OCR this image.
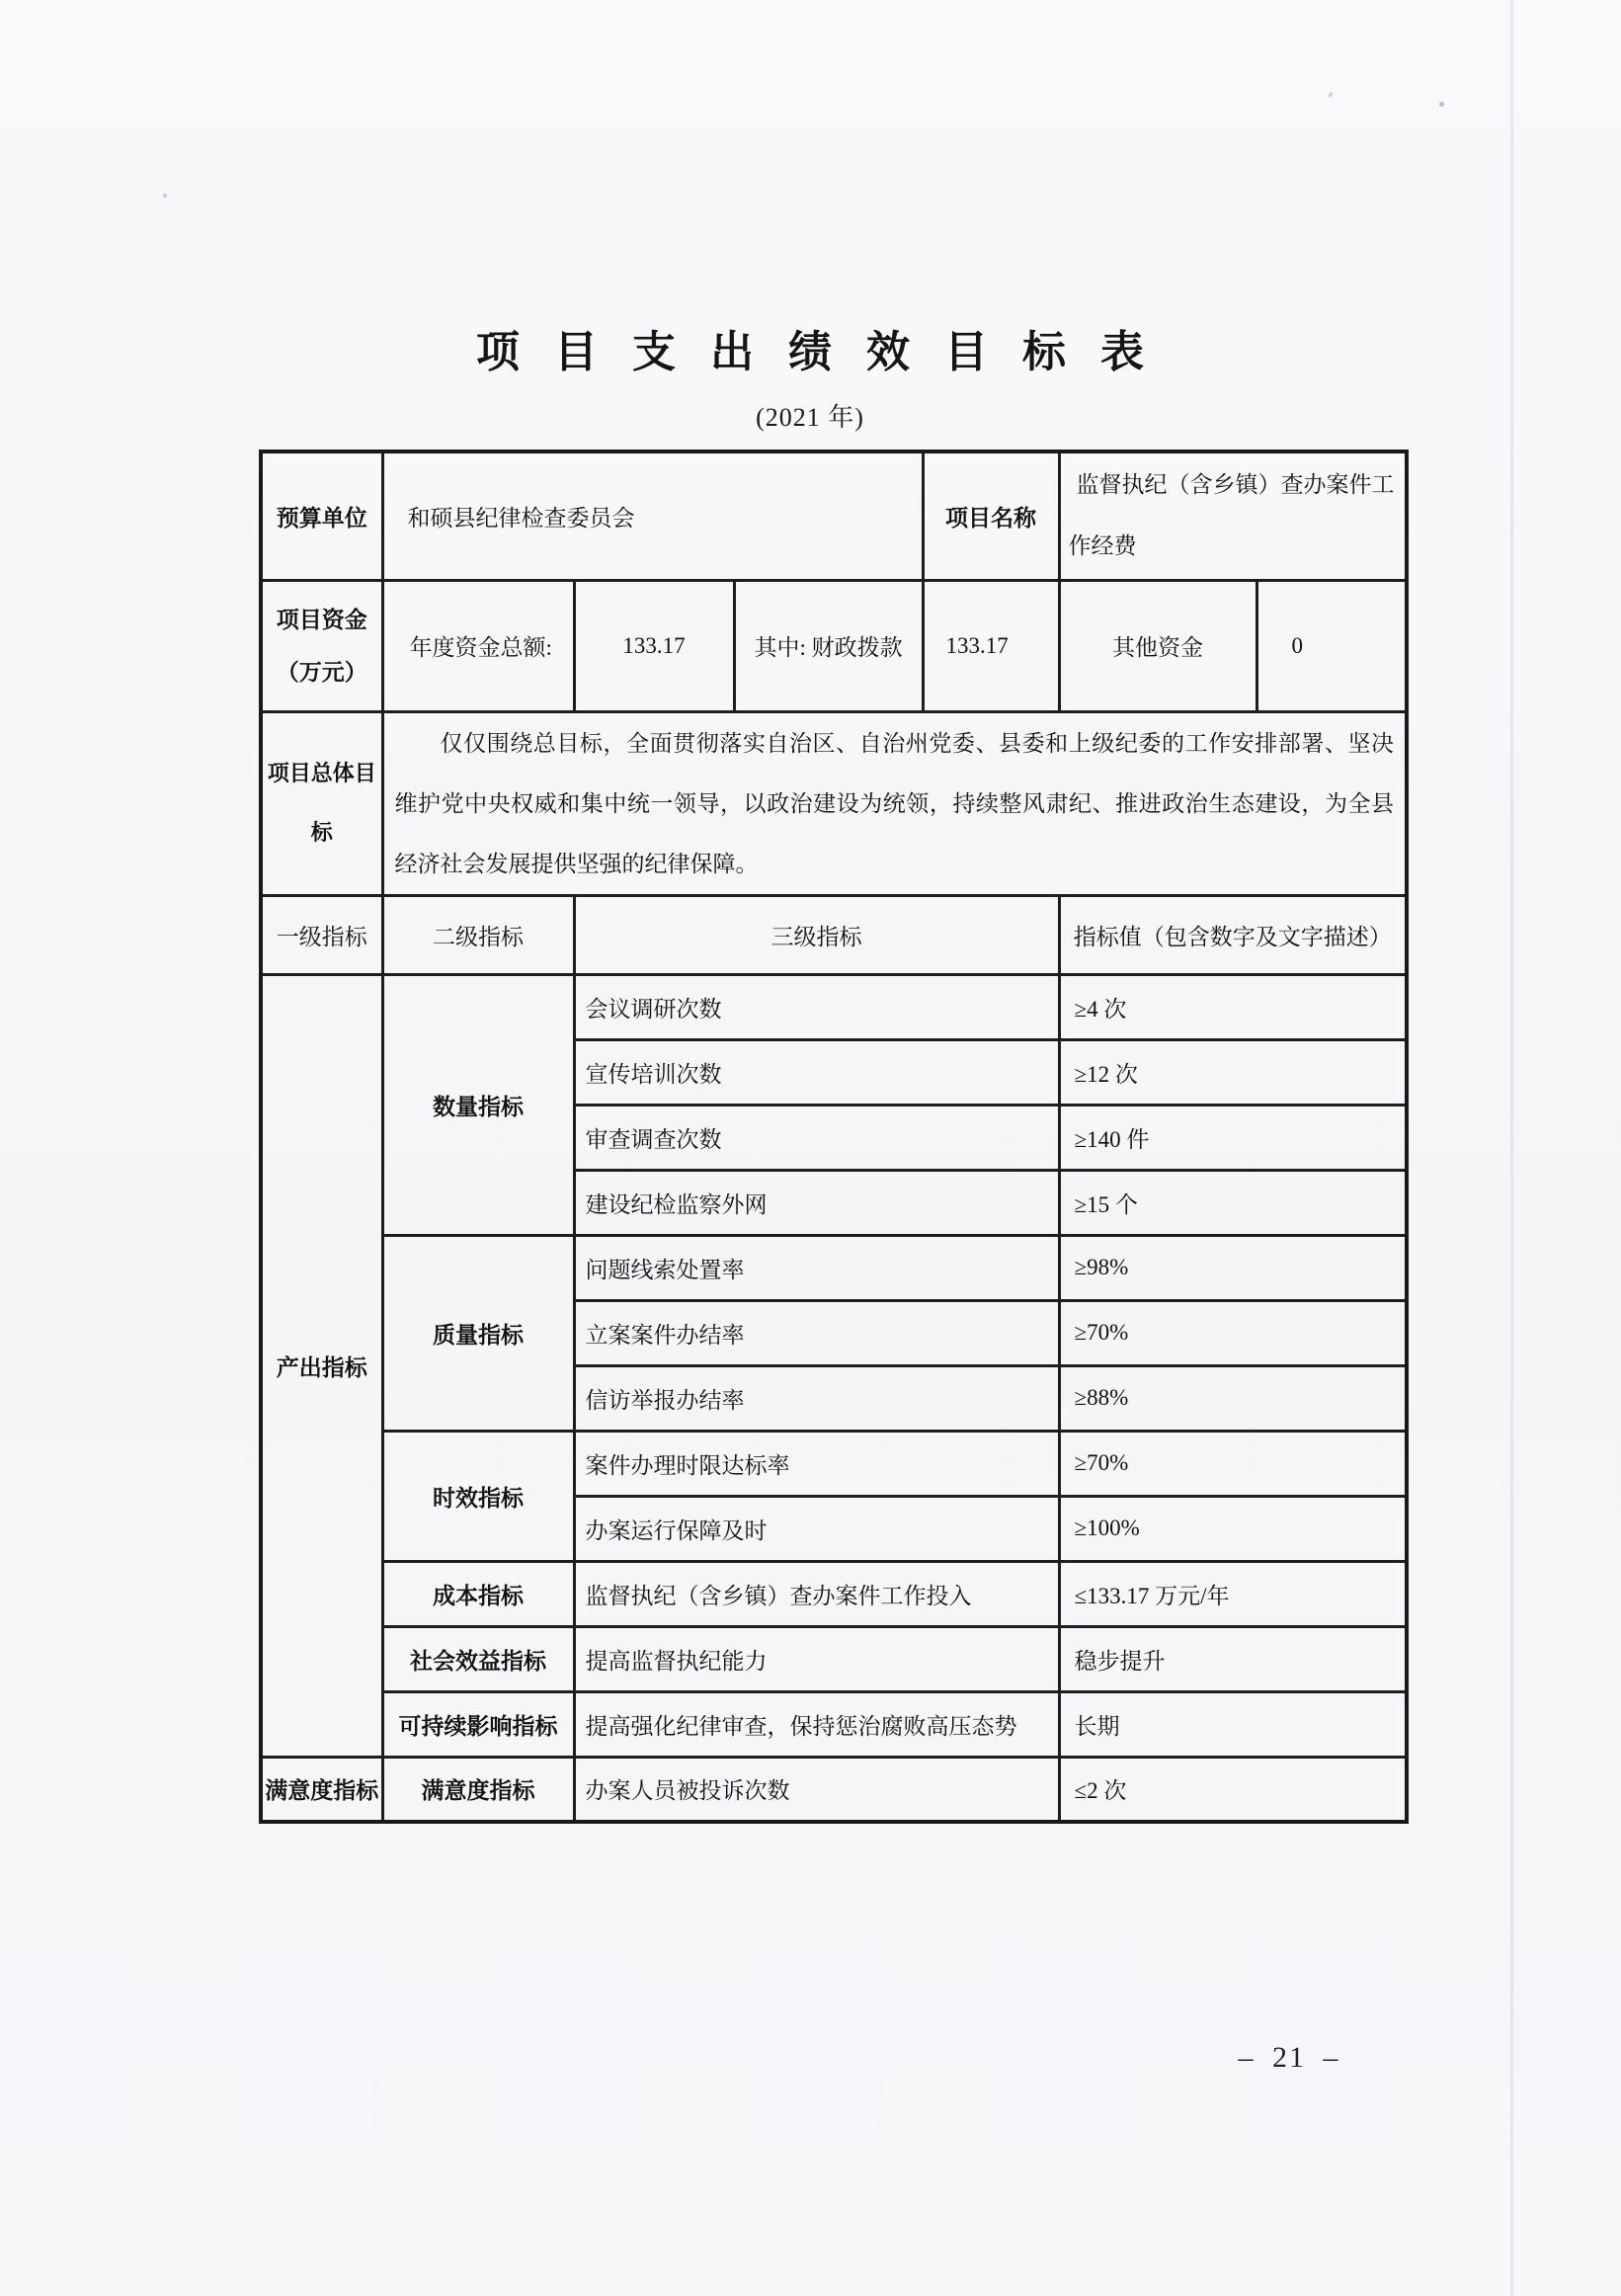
项 目 支 出 绩 效 目 标 表
(2021 年)
预算单位	和硕县纪律检查委员会			项目名称	监督执纪（含乡镇）查办案件工作经费	

项目资金
（万元）	年度资金总额:	133.17	其中: 财政拨款	133.17	其他资金	0
项目总体目标	仅仅围绕总目标，全面贯彻落实自治区、自治州党委、县委和上级纪委的工作安排部署、坚决维护党中央权威和集中统一领导，以政治建设为统领，持续整风肃纪、推进政治生态建设，为全县经济社会发展提供坚强的纪律保障。					
一级指标	二级指标	三级指标			指标值（包含数字及文字描述）	
产出指标	数量指标	会议调研次数			≥4 次	
		宣传培训次数			≥12 次	
		审查调查次数			≥140 件	
		建设纪检监察外网			≥15 个	
	质量指标	问题线索处置率			≥98%	
		立案案件办结率			≥70%	
		信访举报办结率			≥88%	
	时效指标	案件办理时限达标率			≥70%	
		办案运行保障及时			≥100%	
	成本指标	监督执纪（含乡镇）查办案件工作投入			≤133.17 万元/年	
	社会效益指标	提高监督执纪能力			稳步提升	
	可持续影响指标	提高强化纪律审查，保持惩治腐败高压态势			长期	
满意度指标	满意度指标	办案人员被投诉次数			≤2 次	
– 21 –
